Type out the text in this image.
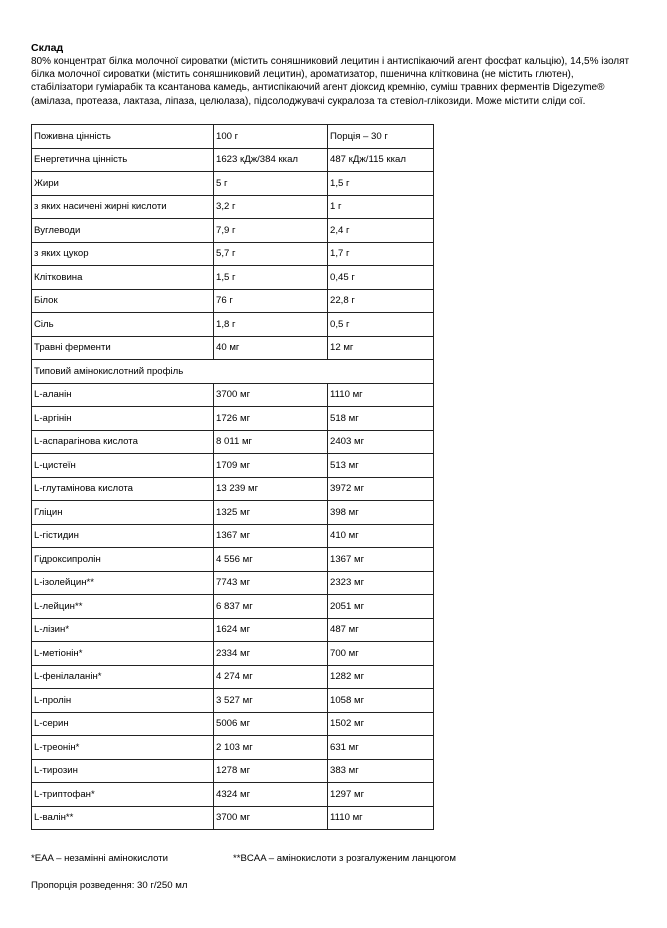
Склад

80% концентрат білка молочної сироватки (містить соняшниковий лецитин і антиспікаючий агент фосфат кальцію), 14,5% ізолят білка молочної сироватки (містить соняшниковий лецитин), ароматизатор, пшенична клітковина (не містить глютен), стабілізатори гуміарабік та ксантанова камедь, антиспікаючий агент діоксид кремнію, суміш травних ферментів Digezyme® (амілаза, протеаза, лактаза, ліпаза, целюлаза), підсолоджувачі сукралоза та стевіол-глікозиди. Може містити сліди сої.

Поживна цінність	100 г	Порція – 30 г
Енергетична цінність	1623 кДж/384 ккал	487 кДж/115 ккал
Жири	5 г	1,5 г
з яких насичені жирні кислоти	3,2 г	1 г
Вуглеводи	7,9 г	2,4 г
з яких цукор	5,7 г	1,7 г
Клітковина	1,5 г	0,45 г
Білок	76 г	22,8 г
Сіль	1,8 г	0,5 г
Травні ферменти	40 мг	12 мг
Типовий амінокислотний профіль		
L-аланін	3700 мг	1110 мг
L-аргінін	1726 мг	518 мг
L-аспарагінова кислота	8 011 мг	2403 мг
L-цистеїн	1709 мг	513 мг
L-глутамінова кислота	13 239 мг	3972 мг
Гліцин	1325 мг	398 мг
L-гістидин	1367 мг	410 мг
Гідроксипролін	4 556 мг	1367 мг
L-ізолейцин**	7743 мг	2323 мг
L-лейцин**	6 837 мг	2051 мг
L-лізин*	1624 мг	487 мг
L-метіонін*	2334 мг	700 мг
L-фенілаланін*	4 274 мг	1282 мг
L-пролін	3 527 мг	1058 мг
L-серин	5006 мг	1502 мг
L-треонін*	2 103 мг	631 мг
L-тирозин	1278 мг	383 мг
L-триптофан*	4324 мг	1297 мг
L-валін**	3700 мг	1110 мг
*EAA – незамінні амінокислоти	**BCAA – амінокислоти з розгалуженим ланцюгом
Пропорція розведення: 30 г/250 мл
